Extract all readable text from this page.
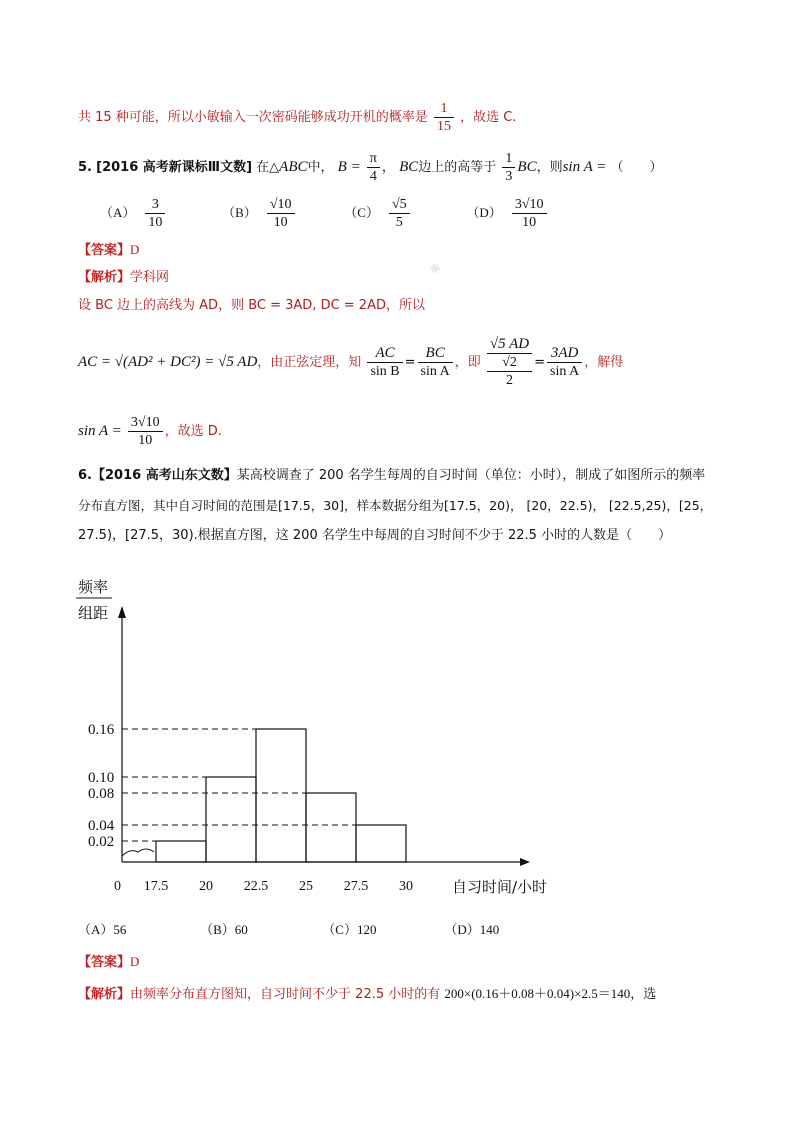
✱
共 15 种可能，所以小敏输入一次密码能够成功开机的概率是 $\frac{1}{15}$ ，故选 C.
5. [2016 高考新课标Ⅲ文数] 在△ABC中， $B = \frac{\pi}{4}$ ， BC边上的高等于 $\frac{1}{3}$ BC，则sin A = （　　）
$(A) \frac{3}{10}$	$(B) \frac{√10}{10}$	$(C) \frac{√5}{5}$	$(D) \frac{3√10}{10}$
【答案】D
【解析】学科网
设 BC 边上的高线为 AD，则 BC = 3AD, DC = 2AD，所以
AC = √(AD² + DC²) = √5 AD，由正弦定理，知 $\frac{AC}{\text{sin B}} = \frac{BC}{\text{sin A}}$ ，即
√5 AD
√2
2
= $\frac{3AD}{\text{sin A}}$ ，解得
$\sin A = \frac{3√10}{10}$ ，故选 D.
6.【2016 高考山东文数】某高校调查了 200 名学生每周的自习时间（单位：小时），制成了如图所示的频率
分布直方图，其中自习时间的范围是[17.5，30]，样本数据分组为[17.5，20)， [20，22.5)， [22.5,25)，[25，
27.5)，[27.5，30).根据直方图，这 200 名学生中每周的自习时间不少于 22.5 小时的人数是（　　）
0.02
0.04
0.08
0.10
0.16
17.5 20 22.5 25 27.5 30
0
频率
组距
自习时间/小时
（A）56	（B）60	（C）120	（D）140
【答案】D
【解析】由频率分布直方图知，自习时间不少于 22.5 小时的有 200×(0.16＋0.08＋0.04)×2.5＝140，选
